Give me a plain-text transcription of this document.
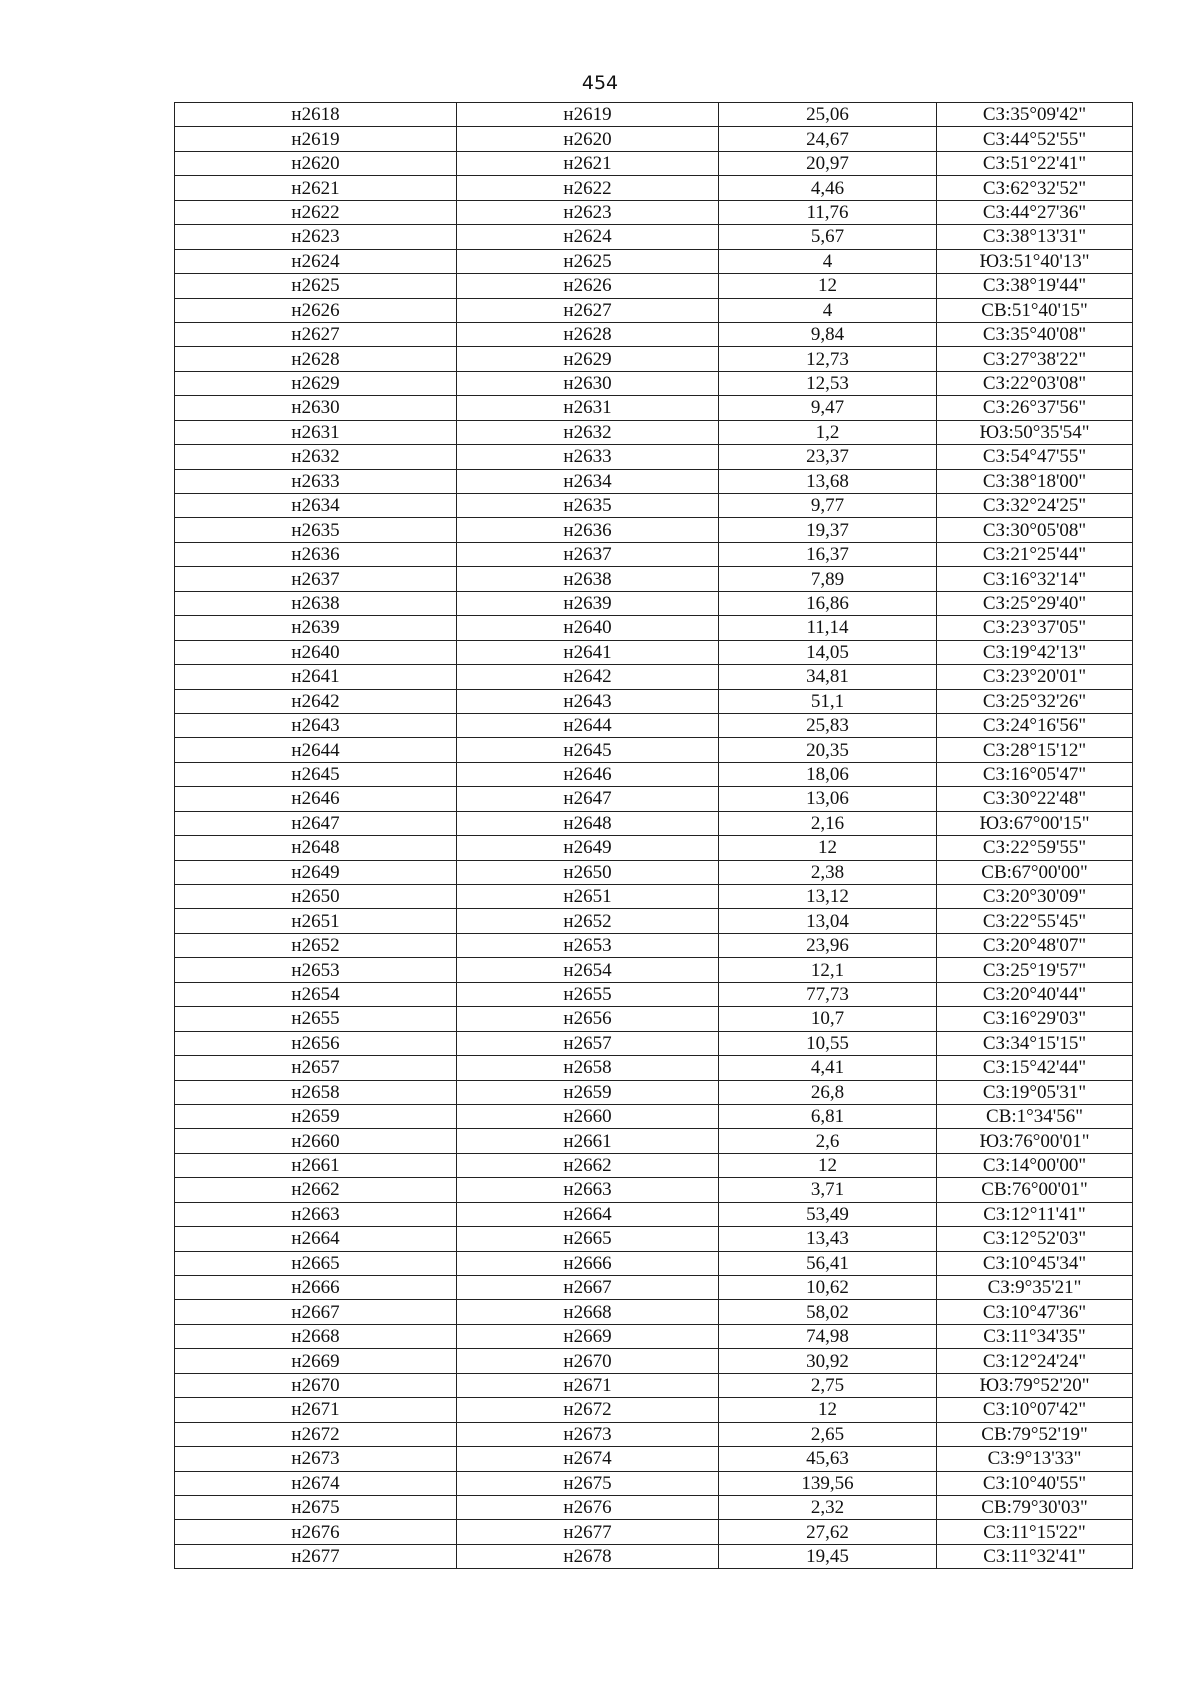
454
н2618	н2619	25,06	СЗ:35°09'42"
н2619	н2620	24,67	СЗ:44°52'55"
н2620	н2621	20,97	СЗ:51°22'41"
н2621	н2622	4,46	СЗ:62°32'52"
н2622	н2623	11,76	СЗ:44°27'36"
н2623	н2624	5,67	СЗ:38°13'31"
н2624	н2625	4	ЮЗ:51°40'13"
н2625	н2626	12	СЗ:38°19'44"
н2626	н2627	4	СВ:51°40'15"
н2627	н2628	9,84	СЗ:35°40'08"
н2628	н2629	12,73	СЗ:27°38'22"
н2629	н2630	12,53	СЗ:22°03'08"
н2630	н2631	9,47	СЗ:26°37'56"
н2631	н2632	1,2	ЮЗ:50°35'54"
н2632	н2633	23,37	СЗ:54°47'55"
н2633	н2634	13,68	СЗ:38°18'00"
н2634	н2635	9,77	СЗ:32°24'25"
н2635	н2636	19,37	СЗ:30°05'08"
н2636	н2637	16,37	СЗ:21°25'44"
н2637	н2638	7,89	СЗ:16°32'14"
н2638	н2639	16,86	СЗ:25°29'40"
н2639	н2640	11,14	СЗ:23°37'05"
н2640	н2641	14,05	СЗ:19°42'13"
н2641	н2642	34,81	СЗ:23°20'01"
н2642	н2643	51,1	СЗ:25°32'26"
н2643	н2644	25,83	СЗ:24°16'56"
н2644	н2645	20,35	СЗ:28°15'12"
н2645	н2646	18,06	СЗ:16°05'47"
н2646	н2647	13,06	СЗ:30°22'48"
н2647	н2648	2,16	ЮЗ:67°00'15"
н2648	н2649	12	СЗ:22°59'55"
н2649	н2650	2,38	СВ:67°00'00"
н2650	н2651	13,12	СЗ:20°30'09"
н2651	н2652	13,04	СЗ:22°55'45"
н2652	н2653	23,96	СЗ:20°48'07"
н2653	н2654	12,1	СЗ:25°19'57"
н2654	н2655	77,73	СЗ:20°40'44"
н2655	н2656	10,7	СЗ:16°29'03"
н2656	н2657	10,55	СЗ:34°15'15"
н2657	н2658	4,41	СЗ:15°42'44"
н2658	н2659	26,8	СЗ:19°05'31"
н2659	н2660	6,81	СВ:1°34'56"
н2660	н2661	2,6	ЮЗ:76°00'01"
н2661	н2662	12	СЗ:14°00'00"
н2662	н2663	3,71	СВ:76°00'01"
н2663	н2664	53,49	СЗ:12°11'41"
н2664	н2665	13,43	СЗ:12°52'03"
н2665	н2666	56,41	СЗ:10°45'34"
н2666	н2667	10,62	СЗ:9°35'21"
н2667	н2668	58,02	СЗ:10°47'36"
н2668	н2669	74,98	СЗ:11°34'35"
н2669	н2670	30,92	СЗ:12°24'24"
н2670	н2671	2,75	ЮЗ:79°52'20"
н2671	н2672	12	СЗ:10°07'42"
н2672	н2673	2,65	СВ:79°52'19"
н2673	н2674	45,63	СЗ:9°13'33"
н2674	н2675	139,56	СЗ:10°40'55"
н2675	н2676	2,32	СВ:79°30'03"
н2676	н2677	27,62	СЗ:11°15'22"
н2677	н2678	19,45	СЗ:11°32'41"
